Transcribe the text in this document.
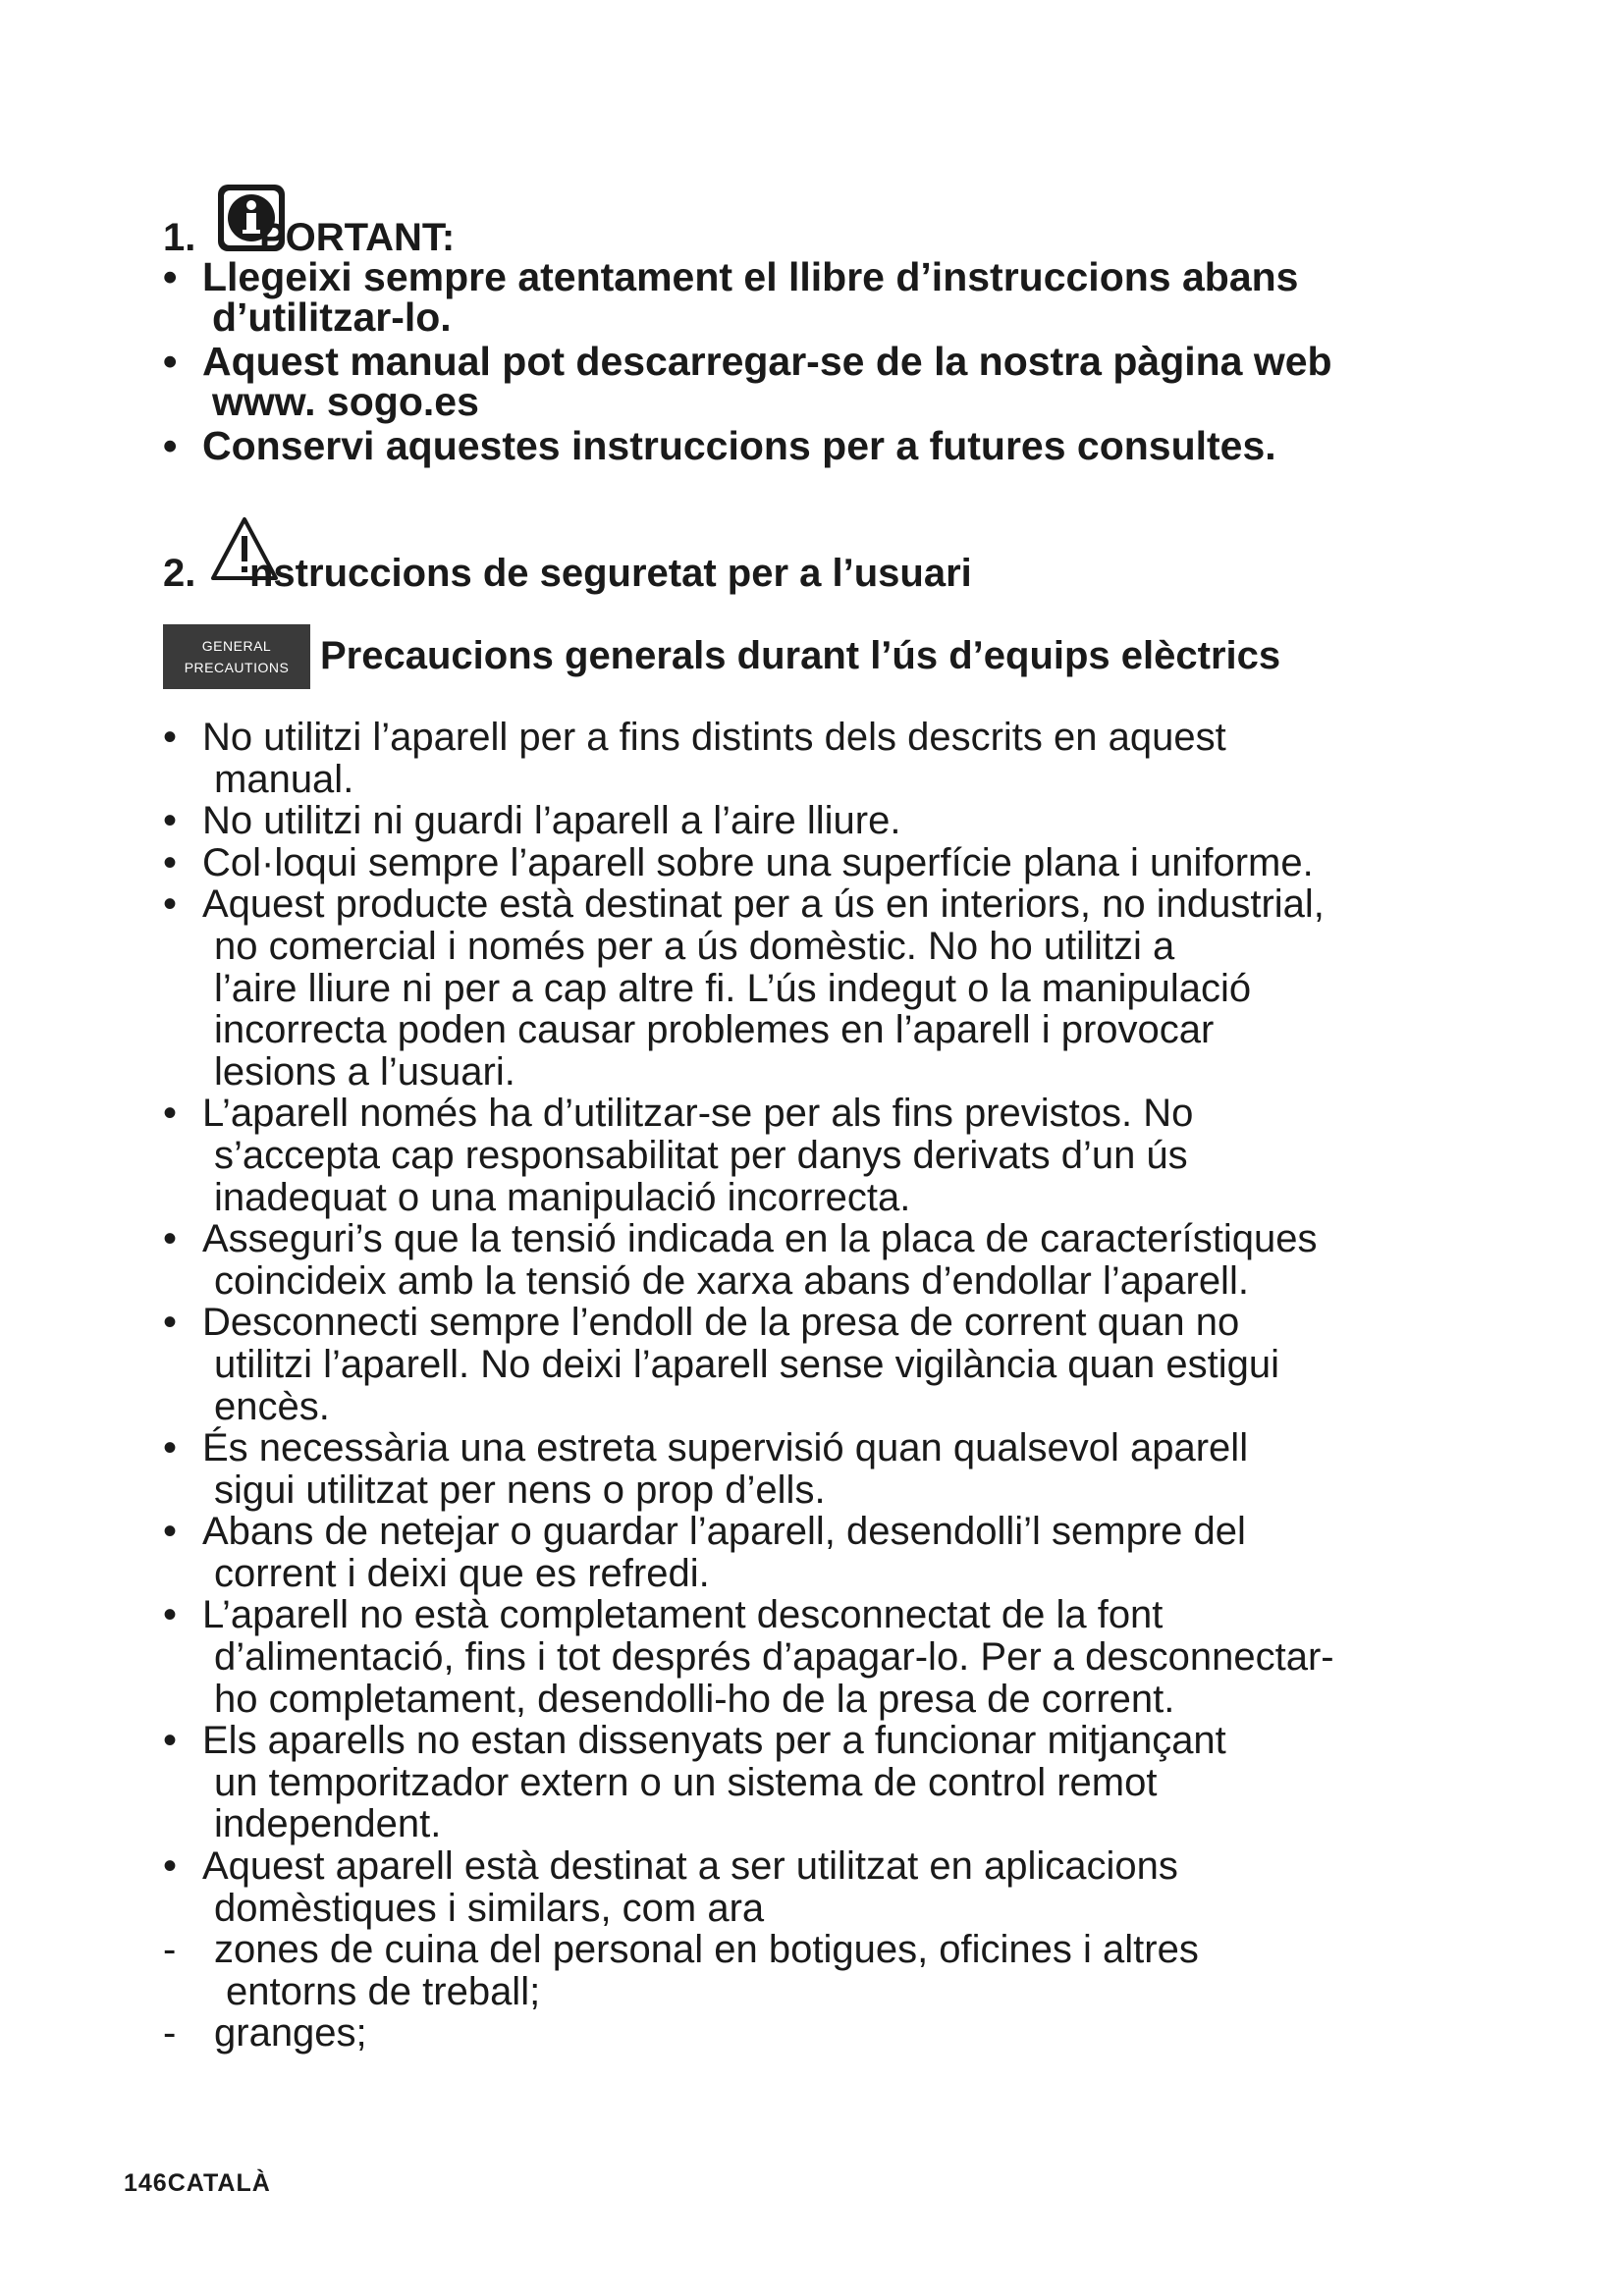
1. PORTANT:
• Llegeixi sempre atentament el llibre d’instruccions abans
d’utilitzar-lo.
• Aquest manual pot descarregar-se de la nostra pàgina web
www. sogo.es
• Conservi aquestes instruccions per a futures consultes.
2. nstruccions de seguretat per a l’usuari
GENERAL
PRECAUTIONS Precaucions generals durant l’ús d’equips elèctrics
• No utilitzi l’aparell per a fins distints dels descrits en aquest
manual.
• No utilitzi ni guardi l’aparell a l’aire lliure.
• Col·loqui sempre l’aparell sobre una superfície plana i uniforme.
• Aquest producte està destinat per a ús en interiors, no industrial,
no comercial i només per a ús domèstic. No ho utilitzi a
l’aire lliure ni per a cap altre fi. L’ús indegut o la manipulació
incorrecta poden causar problemes en l’aparell i provocar
lesions a l’usuari.
• L’aparell només ha d’utilitzar-se per als fins previstos. No
s’accepta cap responsabilitat per danys derivats d’un ús
inadequat o una manipulació incorrecta.
• Asseguri’s que la tensió indicada en la placa de característiques
coincideix amb la tensió de xarxa abans d’endollar l’aparell.
• Desconnecti sempre l’endoll de la presa de corrent quan no
utilitzi l’aparell. No deixi l’aparell sense vigilància quan estigui
encès.
• És necessària una estreta supervisió quan qualsevol aparell
sigui utilitzat per nens o prop d’ells.
• Abans de netejar o guardar l’aparell, desendolli’l sempre del
corrent i deixi que es refredi.
• L’aparell no està completament desconnectat de la font
d’alimentació, fins i tot després d’apagar-lo. Per a desconnectar-
ho completament, desendolli-ho de la presa de corrent.
• Els aparells no estan dissenyats per a funcionar mitjançant
un temporitzador extern o un sistema de control remot
independent.
• Aquest aparell està destinat a ser utilitzat en aplicacions
domèstiques i similars, com ara
- zones de cuina del personal en botigues, oficines i altres
entorns de treball;
- granges;
146CATALÀ
